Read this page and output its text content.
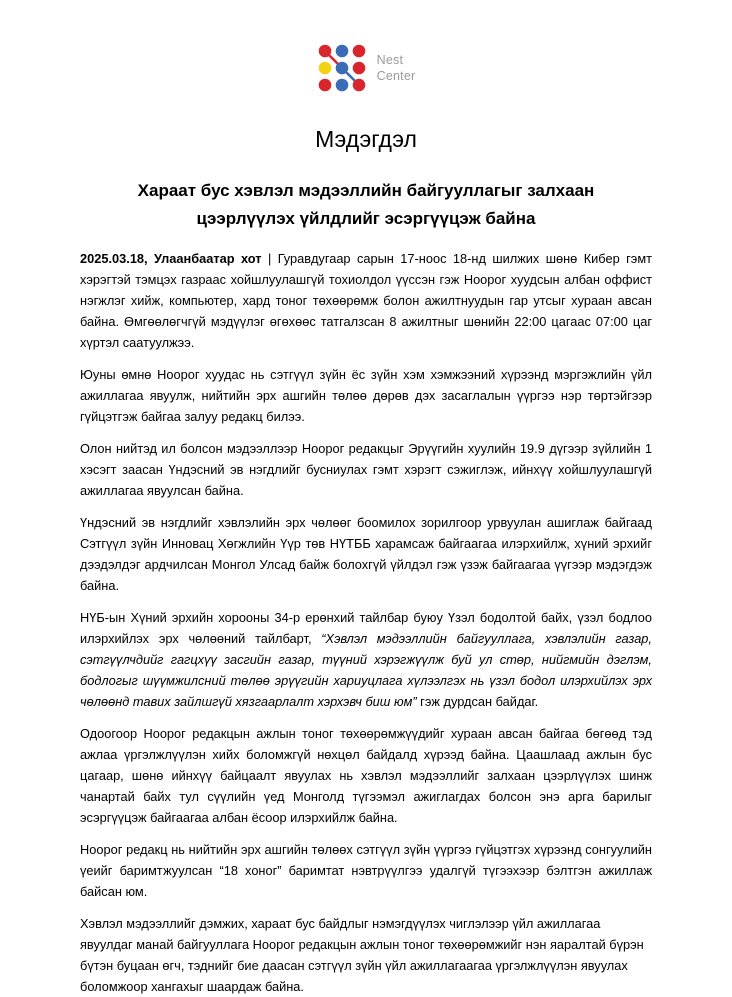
Nest
Center
Мэдэгдэл
Хараат бус хэвлэл мэдээллийн байгууллагыг залхаан цээрлүүлэх үйлдлийг эсэргүүцэж байна

2025.03.18, Улаанбаатар хот | Гуравдугаар сарын 17-ноос 18-нд шилжих шөнө Кибер гэмт хэрэгтэй тэмцэх газраас хойшлуулашгүй тохиолдол үүссэн гэж Ноорог хуудсын албан оффист нэгжлэг хийж, компьютер, хард тоног төхөөрөмж болон ажилтнуудын гар утсыг хураан авсан байна. Өмгөөлөгчгүй мэдүүлэг өгөхөөс татгалзсан 8 ажилтныг шөнийн 22:00 цагаас 07:00 цаг хүртэл саатуулжээ.

Юуны өмнө Ноорог хуудас нь сэтгүүл зүйн ёс зүйн хэм хэмжээний хүрээнд мэргэжлийн үйл ажиллагаа явуулж, нийтийн эрх ашгийн төлөө дөрөв дэх засаглалын үүргээ нэр төртэйгээр гүйцэтгэж байгаа залуу редакц билээ.

Олон нийтэд ил болсон мэдээллээр Ноорог редакцыг Эрүүгийн хуулийн 19.9 дүгээр зүйлийн 1 хэсэгт заасан Үндэсний эв нэгдлийг бусниулах гэмт хэрэгт сэжиглэж, ийнхүү хойшлуулашгүй ажиллагаа явуулсан байна.

Үндэсний эв нэгдлийг хэвлэлийн эрх чөлөөг боомилох зорилгоор урвуулан ашиглаж байгаад Сэтгүүл зүйн Инновац Хөгжлийн Үүр төв НҮТББ харамсаж байгаагаа илэрхийлж, хүний эрхийг дээдэлдэг ардчилсан Монгол Улсад байж болохгүй үйлдэл гэж үзэж байгаагаа үүгээр мэдэгдэж байна.

НҮБ-ын Хүний эрхийн хорооны 34-р ерөнхий тайлбар буюу Үзэл бодолтой байх, үзэл бодлоо илэрхийлэх эрх чөлөөний тайлбарт, “Хэвлэл мэдээллийн байгууллага, хэвлэлийн газар, сэтгүүлчдийг гагцхүү засгийн газар, түүний хэрэгжүүлж буй ул стөр, нийгмийн дэглэм, бодлогыг шүүмжилсний төлөө эрүүгийн хариуцлага хүлээлгэх нь үзэл бодол илэрхийлэх эрх чөлөөнд тавих зайлшгүй хязгаарлалт хэрхэвч биш юм” гэж дурдсан байдаг.

Одоогоор Ноорог редакцын ажлын тоног төхөөрөмжүүдийг хураан авсан байгаа бөгөөд тэд ажлаа үргэлжлүүлэн хийх боломжгүй нөхцөл байдалд хүрээд байна. Цаашлаад ажлын бус цагаар, шөнө ийнхүү байцаалт явуулах нь хэвлэл мэдээллийг залхаан цээрлүүлэх шинж чанартай байх тул сүүлийн үед Монголд түгээмэл ажиглагдах болсон энэ арга барилыг эсэргүүцэж байгаагаа албан ёсоор илэрхийлж байна.

Ноорог редакц нь нийтийн эрх ашгийн төлөөх сэтгүүл зүйн үүргээ гүйцэтгэх хүрээнд сонгуулийн үеийг баримтжуулсан “18 хоног” баримтат нэвтрүүлгээ удалгүй түгээхээр бэлтгэн ажиллаж байсан юм.

Хэвлэл мэдээллийг дэмжих, хараат бус байдлыг нэмэгдүүлэх чиглэлээр үйл ажиллагаа явуулдаг манай байгууллага Ноорог редакцын ажлын тоног төхөөрөмжийг нэн яаралтай бүрэн бүтэн буцаан өгч, тэднийг бие даасан сэтгүүл зүйн үйл ажиллагаагаа үргэлжлүүлэн явуулах боломжоор хангахыг шаардаж байна.
